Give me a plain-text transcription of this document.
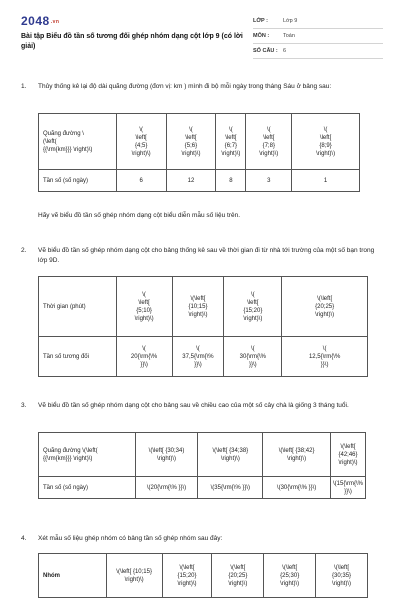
2048.vn
Bài tập Biểu đồ tần số tương đối ghép nhóm dạng cột lớp 9 (có lời giải)
LỚP :	Lớp 9
MÔN :	Toán
SỐ CÂU : 6
1. Thủy thống kê lại độ dài quãng đường (đơn vị: km ) mình đi bộ mỗi ngày trong tháng Sáu ở bảng sau:
Quãng đường \
(\left(
{{\rm{km}}} \right)\)	\(
\left[
{4;5}
\right)\)	\(
\left[
{5;6}
\right)\)	\(
\left[
{6;7}
\right)\)	\(
\left[
{7;8}
\right)\)	\(
\left[
{8;9}
\right)\)
Tần số (số ngày)	6	12	8	3	1
Hãy vẽ biểu đồ tần số ghép nhóm dạng cột biểu diễn mẫu số liệu trên.
2. Vẽ biểu đồ tần số ghép nhóm dạng cột cho bảng thống kê sau về thời gian đi từ nhà tới trường của một số bạn trong lớp 9D.
Thời gian (phút)	\(
\left[
{5;10}
\right)\)	\(\left[
{10;15}
\right)\)	\(
\left[
{15;20}
\right)\)	\(\left[
{20;25}
\right)\)
Tần số tương đối	\(
20{\rm{\%
}}\)	\(
37,5{\rm{\%
}}\)	\(
30{\rm{\%
}}\)	\(
12,5{\rm{\%
}}\)
3. Vẽ biểu đồ tần số ghép nhóm dạng cột cho bảng sau về chiều cao của một số cây chà là giống 3 tháng tuổi.
Quãng đường \(\left(
{{\rm{km}}} \right)\)	\(\left[ {30;34)
\right)\)	\(\left[ {34;38}
\right)\)	\(\left[ {38;42}
\right)\)	\(\left[
{42;46}
\right)\)
Tần số (số ngày)	\(20{\rm{\% }}\)	\(35{\rm{\% }}\)	\(30{\rm{\% }}\)	\(15{\rm{\% }}\)
4. Xét mẫu số liệu ghép nhóm có bảng tần số ghép nhóm sau đây:
Nhóm	\(\left[ {10;15}
\right)\)	\(\left[
{15;20}
\right)\)	\(\left[
{20;25}
\right)\)	\(\left[
{25;30}
\right)\)	\(\left[
{30;35}
\right)\)
